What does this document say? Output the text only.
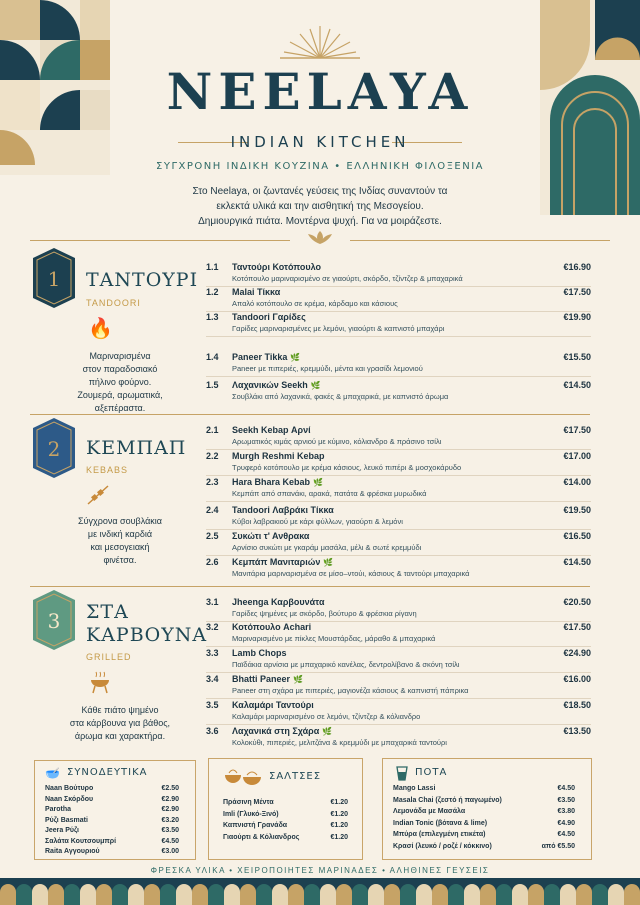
NEELAYA
INDIAN KITCHEN
ΣΥΓΧΡΟΝΗ ΙΝΔΙΚΗ ΚΟΥΖΙΝΑ • ΕΛΛΗΝΙΚΗ ΦΙΛΟΞΕΝΙΑ
Στο Neelaya, οι ζωντανές γεύσεις της Ινδίας συναντούν τα
εκλεκτά υλικά και την αισθητική της Μεσογείου.
Δημιουργικά πιάτα. Μοντέρνα ψυχή. Για να μοιράζεστε.
1 ΤΑΝΤΟΥΡΙ
TANDOORI
🔥
Μαριναρισμένα
στον παραδοσιακό
πήλινο φούρνο.
Ζουμερά, αρωματικά,
αξεπέραστα.
1.1 Ταντούρι Κοτόπουλο
Κοτόπουλο μαριναρισμένο σε γιαούρτι, σκόρδο, τζίντζερ & μπαχαρικά
€16.90
1.2 Malai Τίκκα
Απαλό κοτόπουλο σε κρέμα, κάρδαμο και κάσιους
€17.50
1.3 Tandoori Γαρίδες
Γαρίδες μαριναρισμένες με λεμόνι, γιαούρτι & καπνιστό μπαχάρι
€19.90
1.4 Paneer Tikka 🌿
Paneer με πιπεριές, κρεμμύδι, μέντα και γρασίδι λεμονιού
€15.50
1.5 Λαχανικών Seekh 🌿
Σουβλάκι από λαχανικά, φακές & μπαχαρικά, με καπνιστό άρωμα
€14.50
2 ΚΕΜΠΑΠ
KEBABS
Σύγχρονα σουβλάκια
με ινδική καρδιά
και μεσογειακή
φινέτσα.
2.1 Seekh Kebap Αρνί
Αρωματικός κιμάς αρνιού με κύμινο, κόλιανδρο & πράσινο τσίλι
€17.50
2.2 Murgh Reshmi Kebap
Τρυφερό κοτόπουλο με κρέμα κάσιους, λευκό πιπέρι & μοσχοκάρυδο
€17.00
2.3 Hara Bhara Kebab 🌿
Κεμπάπ από σπανάκι, αρακά, πατάτα & φρέσκα μυρωδικά
€14.00
2.4 Tandoori Λαβράκι Τίκκα
Κύβοι λαβρακιού με κάρι φύλλων, γιαούρτι & λεμόνι
€19.50
2.5 Συκώτι τ' Ανθρακα
Αρνίσιο συκώτι με γκαράμ μασάλα, μέλι & σωτέ κρεμμύδι
€16.50
2.6 Κεμπάπ Μανιταριών 🌿
Μανιτάρια μαριναρισμένα σε μίσο–ντούι, κάσιους & ταντούρι μπαχαρικά
€14.50
3 ΣΤΑ
ΚΑΡΒΟΥΝΑ
GRILLED
Κάθε πιάτο ψημένο
στα κάρβουνα για βάθος,
άρωμα και χαρακτήρα.
3.1 Jheenga Καρβουνάτα
Γαρίδες ψημένες με σκόρδο, βούτυρο & φρέσκια ρίγανη
€20.50
3.2 Κοτόπουλο Achari
Μαριναρισμένο με πίκλες Μουστάρδας, μάραθο & μπαχαρικά
€17.50
3.3 Lamb Chops
Παϊδάκια αρνίσια με μπαχαρικό κανέλας, δεντρολίβανο & σκόνη τσίλι
€24.90
3.4 Bhatti Paneer 🌿
Paneer στη σχάρα με πιπεριές, μαγιονέζα κάσιους & καπνιστή πάπρικα
€16.00
3.5 Καλαμάρι Ταντούρι
Καλαμάρι μαριναρισμένο σε λεμόνι, τζίντζερ & κόλιανδρο
€18.50
3.6 Λαχανικά στη Σχάρα 🌿
Κολοκύθι, πιπεριές, μελιτζάνα & κρεμμύδι με μπαχαρικά ταντούρι
€13.50
ΣΥΝΟΔΕΥΤΙΚΑ
🥣
Naan Βούτυρο	€2.50
Naan Σκόρδου	€2.90
Parotha	€2.90
Ρύζι Basmati	€3.20
Jeera Ρύζι	€3.50
Σαλάτα Κουτσουμπρί	€4.50
Raita Αγγουριού	€3.00
ΣΑΛΤΣΕΣ
Πράσινη Μέντα	€1.20
Imli (Γλυκό-Ξινό)	€1.20
Καπνιστή Γρανάδα	€1.20
Γιαούρτι & Κόλιανδρος	€1.20
ΠΟΤΑ
Mango Lassi	€4.50
Masala Chai (ζεστό ή παγωμένο)	€3.50
Λεμονάδα με Μασάλα	€3.80
Indian Tonic (βότανα & lime)	€4.90
Μπύρα (επιλεγμένη ετικέτα)	€4.50
Κρασί (λευκό / ροζέ / κόκκινο)	από €5.50
ΦΡΕΣΚΑ ΥΛΙΚΑ • ΧΕΙΡΟΠΟΙΗΤΕΣ ΜΑΡΙΝΑΔΕΣ • ΑΛΗΘΙΝΕΣ ΓΕΥΣΕΙΣ
